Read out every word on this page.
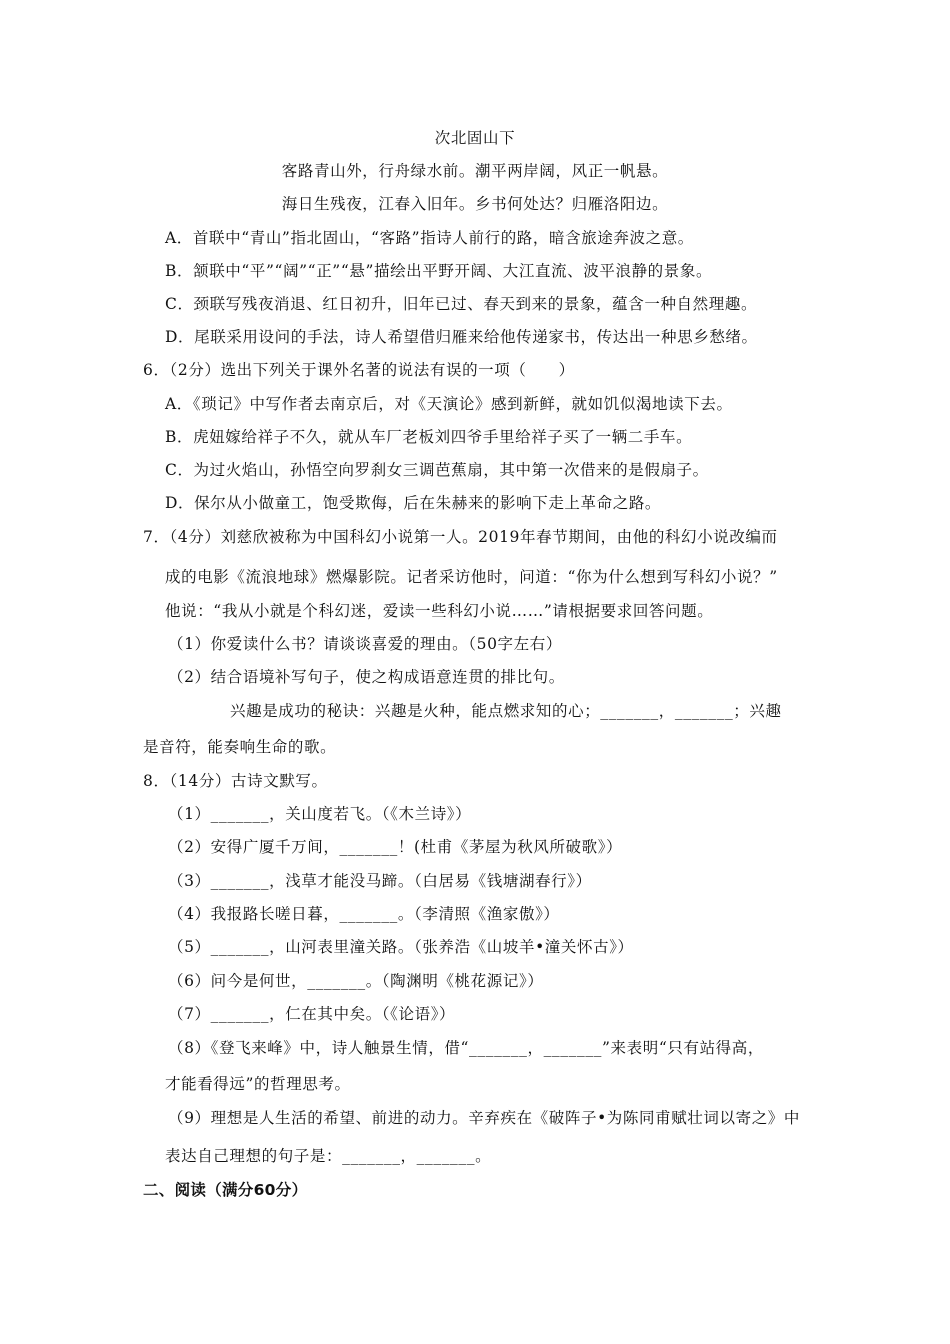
次北固山下
客路青山外，行舟绿水前。潮平两岸阔，风正一帆悬。
海日生残夜，江春入旧年。乡书何处达？归雁洛阳边。
A．首联中“青山”指北固山，“客路”指诗人前行的路，暗含旅途奔波之意。
B．颔联中“平”“阔”“正”“悬”描绘出平野开阔、大江直流、波平浪静的景象。
C．颈联写残夜消退、红日初升，旧年已过、春天到来的景象，蕴含一种自然理趣。
D．尾联采用设问的手法，诗人希望借归雁来给他传递家书，传达出一种思乡愁绪。
6．（2分）选出下列关于课外名著的说法有误的一项（　　）
A．《琐记》中写作者去南京后，对《天演论》感到新鲜，就如饥似渴地读下去。
B．虎妞嫁给祥子不久，就从车厂老板刘四爷手里给祥子买了一辆二手车。
C．为过火焰山，孙悟空向罗刹女三调芭蕉扇，其中第一次借来的是假扇子。
D．保尔从小做童工，饱受欺侮，后在朱赫来的影响下走上革命之路。
7．（4分）刘慈欣被称为中国科幻小说第一人。2019年春节期间，由他的科幻小说改编而
成的电影《流浪地球》燃爆影院。记者采访他时，问道：“你为什么想到写科幻小说？”
他说：“我从小就是个科幻迷，爱读一些科幻小说……”请根据要求回答问题。
（1）你爱读什么书？请谈谈喜爱的理由。（50字左右）
（2）结合语境补写句子，使之构成语意连贯的排比句。
兴趣是成功的秘诀：兴趣是火种，能点燃求知的心；_______，_______；兴趣
是音符，能奏响生命的歌。
8．（14分）古诗文默写。
（1）_______，关山度若飞。（《木兰诗》）
（2）安得广厦千万间，_______！(杜甫《茅屋为秋风所破歌》）
（3）_______，浅草才能没马蹄。（白居易《钱塘湖春行》）
（4）我报路长嗟日暮，_______。（李清照《渔家傲》）
（5）_______，山河表里潼关路。（张养浩《山坡羊•潼关怀古》）
（6）问今是何世，_______。（陶渊明《桃花源记》）
（7）_______，仁在其中矣。（《论语》）
（8）《登飞来峰》中，诗人触景生情，借“_______，_______”来表明“只有站得高，
才能看得远”的哲理思考。
（9）理想是人生活的希望、前进的动力。辛弃疾在《破阵子•为陈同甫赋壮词以寄之》中
表达自己理想的句子是：_______，_______。
二、阅读（满分60分）
